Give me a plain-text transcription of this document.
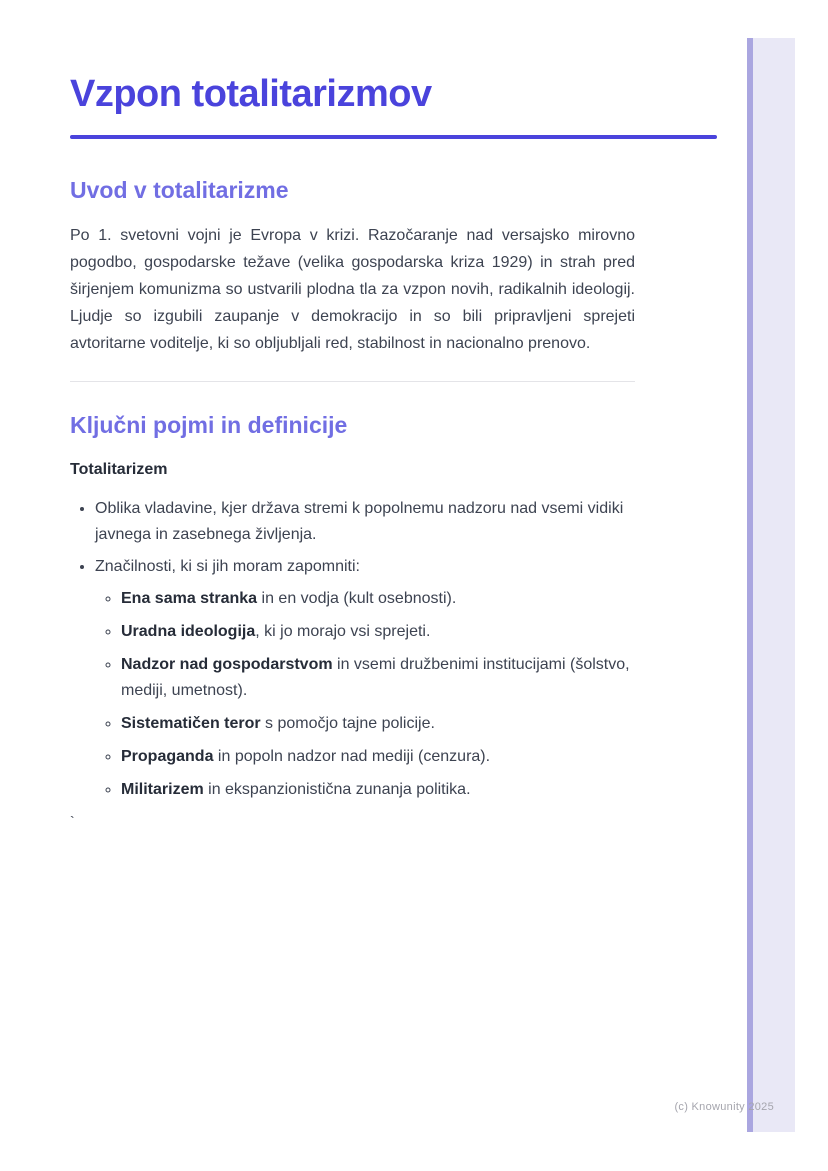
Vzpon totalitarizmov
Uvod v totalitarizme

Po 1. svetovni vojni je Evropa v krizi. Razočaranje nad versajsko mirovno pogodbo, gospodarske težave (velika gospodarska kriza 1929) in strah pred širjenjem komunizma so ustvarili plodna tla za vzpon novih, radikalnih ideologij. Ljudje so izgubili zaupanje v demokracijo in so bili pripravljeni sprejeti avtoritarne voditelje, ki so obljubljali red, stabilnost in nacionalno prenovo.

Ključni pojmi in definicije

Totalitarizem

• Oblika vladavine, kjer država stremi k popolnemu nadzoru nad vsemi vidiki javnega in zasebnega življenja.
• Značilnosti, ki si jih moram zapomniti:
◦ Ena sama stranka in en vodja (kult osebnosti).
◦ Uradna ideologija, ki jo morajo vsi sprejeti.
◦ Nadzor nad gospodarstvom in vsemi družbenimi institucijami (šolstvo, mediji, umetnost).
◦ Sistematičen teror s pomočjo tajne policije.
◦ Propaganda in popoln nadzor nad mediji (cenzura).
◦ Militarizem in ekspanzionistična zunanja politika.
`
(c) Knowunity 2025
